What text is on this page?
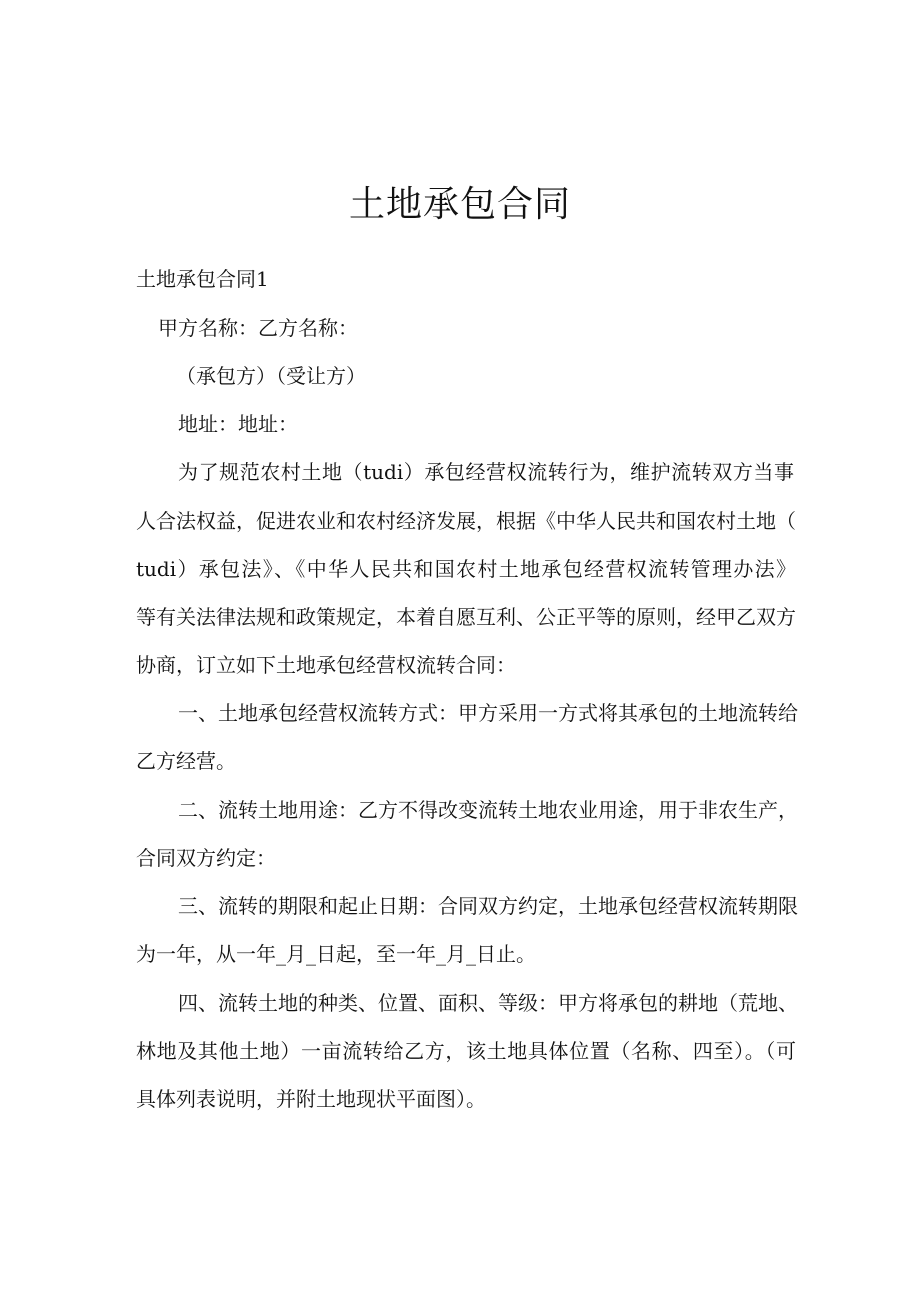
土地承包合同
土地承包合同1
甲方名称：乙方名称：
（承包方）（受让方）
地址：地址：
为了规范农村土地（tudi）承包经营权流转行为，维护流转双方当事
人合法权益，促进农业和农村经济发展，根据《中华人民共和国农村土地（
tudi）承包法》、《中华人民共和国农村土地承包经营权流转管理办法》
等有关法律法规和政策规定，本着自愿互利、公正平等的原则，经甲乙双方
协商，订立如下土地承包经营权流转合同：
一、土地承包经营权流转方式：甲方采用一方式将其承包的土地流转给
乙方经营。
二、流转土地用途：乙方不得改变流转土地农业用途，用于非农生产，
合同双方约定：
三、流转的期限和起止日期：合同双方约定，土地承包经营权流转期限
为一年，从一年_月_日起，至一年_月_日止。
四、流转土地的种类、位置、面积、等级：甲方将承包的耕地（荒地、
林地及其他土地）一亩流转给乙方，该土地具体位置（名称、四至）。（可
具体列表说明，并附土地现状平面图）。
